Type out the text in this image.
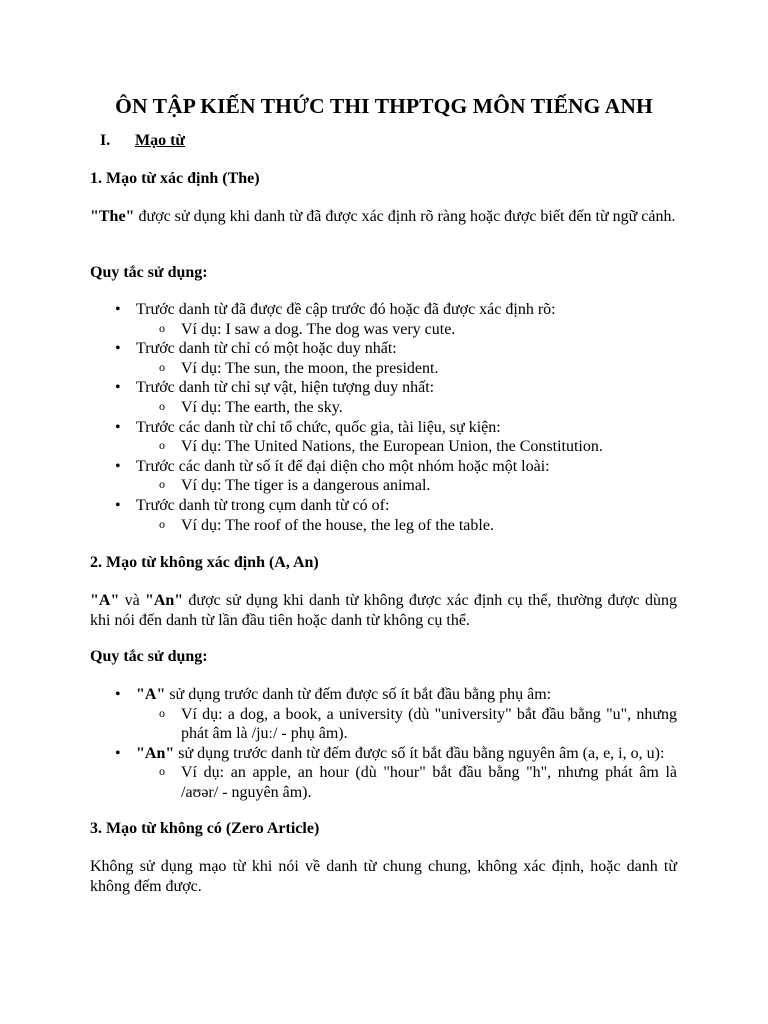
ÔN TẬP KIẾN THỨC THI THPTQG MÔN TIẾNG ANH
I. Mạo từ
1. Mạo từ xác định (The)
"The" được sử dụng khi danh từ đã được xác định rõ ràng hoặc được biết đến từ ngữ cảnh.
Quy tắc sử dụng:
• Trước danh từ đã được đề cập trước đó hoặc đã được xác định rõ:
o Ví dụ: I saw a dog. The dog was very cute.
• Trước danh từ chỉ có một hoặc duy nhất:
o Ví dụ: The sun, the moon, the president.
• Trước danh từ chỉ sự vật, hiện tượng duy nhất:
o Ví dụ: The earth, the sky.
• Trước các danh từ chỉ tổ chức, quốc gia, tài liệu, sự kiện:
o Ví dụ: The United Nations, the European Union, the Constitution.
• Trước các danh từ số ít để đại diện cho một nhóm hoặc một loài:
o Ví dụ: The tiger is a dangerous animal.
• Trước danh từ trong cụm danh từ có of:
o Ví dụ: The roof of the house, the leg of the table.
2. Mạo từ không xác định (A, An)
"A" và "An" được sử dụng khi danh từ không được xác định cụ thể, thường được dùng khi nói đến danh từ lần đầu tiên hoặc danh từ không cụ thể.
Quy tắc sử dụng:
• "A" sử dụng trước danh từ đếm được số ít bắt đầu bằng phụ âm:
o Ví dụ: a dog, a book, a university (dù "university" bắt đầu bằng "u", nhưng phát âm là /juː/ - phụ âm).
• "An" sử dụng trước danh từ đếm được số ít bắt đầu bằng nguyên âm (a, e, i, o, u):
o Ví dụ: an apple, an hour (dù "hour" bắt đầu bằng "h", nhưng phát âm là /aʊər/ - nguyên âm).
3. Mạo từ không có (Zero Article)
Không sử dụng mạo từ khi nói về danh từ chung chung, không xác định, hoặc danh từ không đếm được.
